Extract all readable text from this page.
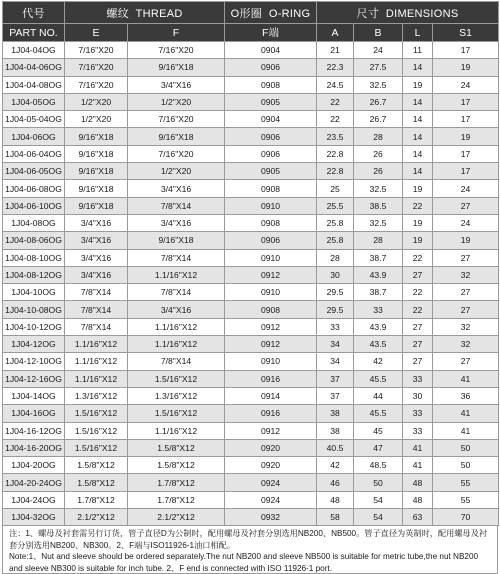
代号	螺纹 THREAD		O形圈 O-RING	尺寸 DIMENSIONS			
PART NO.	E	F	F端	A	B	L	S1
1J04-04OG	7/16"X20	7/16"X20	0904	21	24	11	17
1J04-04-06OG	7/16"X20	9/16"X18	0906	22.3	27.5	14	19
1J04-04-08OG	7/16"X20	3/4"X16	0908	24.5	32.5	19	24
1J04-05OG	1/2"X20	1/2"X20	0905	22	26.7	14	17
1J04-05-04OG	1/2"X20	7/16"X20	0904	22	26.7	14	17
1J04-06OG	9/16"X18	9/16"X18	0906	23.5	28	14	19
1J04-06-04OG	9/16"X18	7/16"X20	0906	22.8	26	14	17
1J04-06-05OG	9/16"X18	1/2"X20	0905	22.8	26	14	17
1J04-06-08OG	9/16"X18	3/4"X16	0908	25	32.5	19	24
1J04-06-10OG	9/16"X18	7/8"X14	0910	25.5	38.5	22	27
1J04-08OG	3/4"X16	3/4"X16	0908	25.8	32.5	19	24
1J04-08-06OG	3/4"X16	9/16"X18	0906	25.8	28	19	19
1J04-08-10OG	3/4"X16	7/8"X14	0910	28	38.7	22	27
1J04-08-12OG	3/4"X16	1.1/16"X12	0912	30	43.9	27	32
1J04-10OG	7/8"X14	7/8"X14	0910	29.5	38.7	22	27
1J04-10-08OG	7/8"X14	3/4"X16	0908	29.5	33	22	27
1J04-10-12OG	7/8"X14	1.1/16"X12	0912	33	43.9	27	32
1J04-12OG	1.1/16"X12	1.1/16"X12	0912	34	43.5	27	32
1J04-12-10OG	1.1/16"X12	7/8"X14	0910	34	42	27	27
1J04-12-16OG	1.1/16"X12	1.5/16"X12	0916	37	45.5	33	41
1J04-14OG	1.3/16"X12	1.3/16"X12	0914	37	44	30	36
1J04-16OG	1.5/16"X12	1.5/16"X12	0916	38	45.5	33	41
1J04-16-12OG	1.5/16"X12	1.1/16"X12	0912	38	45	33	41
1J04-16-20OG	1.5/16"X12	1.5/8"X12	0920	40.5	47	41	50
1J04-20OG	1.5/8"X12	1.5/8"X12	0920	42	48.5	41	50
1J04-20-24OG	1.5/8"X12	1.7/8"X12	0924	46	50	48	55
1J04-24OG	1.7/8"X12	1.7/8"X12	0924	48	54	48	55
1J04-32OG	2.1/2"X12	2.1/2"X12	0932	58	54	63	70
注：1、螺母及衬套需另行订货，管子直径D为公制时，配用螺母及衬套分别选用NB200、NB500。管子直径为英制时，配用螺母及衬套分别选用NB200、NB300。2、F端与ISO11926-1油口相配。
Note:1、Nut and sleeve should be ordered separately.The nut NB200 and sleeve NB500 is suitable for metric tube,the nut NB200 and sleeve NB300 is suitable for inch tube. 2、F end is connected with ISO 11926-1 port.
